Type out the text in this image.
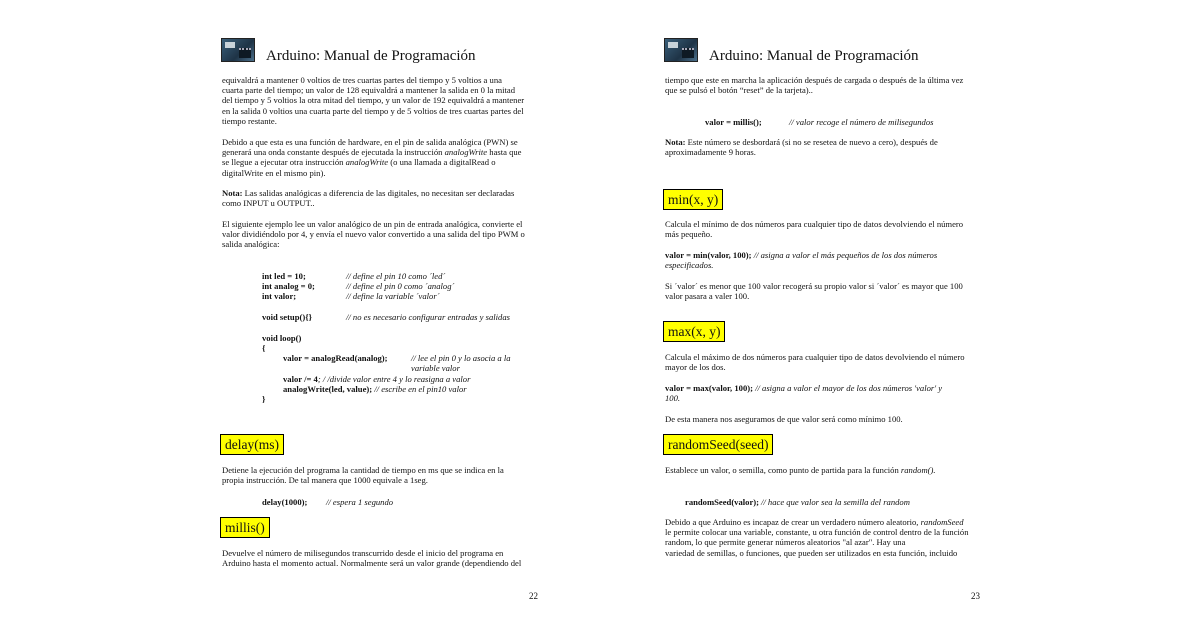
Arduino: Manual de Programación
equivaldrá a mantener 0 voltios de tres cuartas partes del tiempo y 5 voltios a una
cuarta parte del tiempo; un valor de 128 equivaldrá a mantener la salida en 0 la mitad
del tiempo y 5 voltios la otra mitad del tiempo, y un valor de 192 equivaldrá a mantener
en la salida 0 voltios una cuarta parte del tiempo y de 5 voltios de tres cuartas partes del
tiempo restante.
Debido a que esta es una función de hardware, en el pin de salida analógica (PWN) se
generará una onda constante después de ejecutada la instrucción analogWrite hasta que
se llegue a ejecutar otra instrucción analogWrite (o una llamada a digitalRead o
digitalWrite en el mismo pin).
Nota: Las salidas analógicas a diferencia de las digitales, no necesitan ser declaradas
como INPUT u OUTPUT..
El siguiente ejemplo lee un valor analógico de un pin de entrada analógica, convierte el
valor dividiéndolo por 4, y envía el nuevo valor convertido a una salida del tipo PWM o
salida analógica:
int led = 10;	// define el pin 10 como ´led´
int analog = 0;	// define el pin 0 como ´analog´
int valor;	// define la variable ´valor´
void setup(){}	// no es necesario configurar entradas y salidas
void loop()
{
valor = analogRead(analog);	// lee el pin 0 y lo asocia a la
variable valor
valor /= 4; / /divide valor entre 4 y lo reasigna a valor
analogWrite(led, value); // escribe en el pin10 valor
}
delay(ms)
Detiene la ejecución del programa la cantidad de tiempo en ms que se indica en la
propia instrucción. De tal manera que 1000 equivale a 1seg.
delay(1000); // espera 1 segundo
millis()
Devuelve el número de milisegundos transcurrido desde el inicio del programa en
Arduino hasta el momento actual. Normalmente será un valor grande (dependiendo del
22
Arduino: Manual de Programación
tiempo que este en marcha la aplicación después de cargada o después de la última vez
que se pulsó el botón “reset” de la tarjeta)..
valor = millis();	// valor recoge el número de milisegundos
Nota: Este número se desbordará (si no se resetea de nuevo a cero), después de
aproximadamente 9 horas.
min(x, y)
Calcula el mínimo de dos números para cualquier tipo de datos devolviendo el número
más pequeño.
valor = min(valor, 100); // asigna a valor el más pequeños de los dos números
especificados.
Si ´valor´ es menor que 100 valor recogerá su propio valor si ´valor´ es mayor que 100
valor pasara a valer 100.
max(x, y)
Calcula el máximo de dos números para cualquier tipo de datos devolviendo el número
mayor de los dos.
valor = max(valor, 100); // asigna a valor el mayor de los dos números 'valor' y
100.
De esta manera nos aseguramos de que valor será como mínimo 100.
randomSeed(seed)
Establece un valor, o semilla, como punto de partida para la función random().
randomSeed(valor); // hace que valor sea la semilla del random
Debido a que Arduino es incapaz de crear un verdadero número aleatorio, randomSeed
le permite colocar una variable, constante, u otra función de control dentro de la función
random, lo que permite generar números aleatorios "al azar". Hay una
variedad de semillas, o funciones, que pueden ser utilizados en esta función, incluido
23
